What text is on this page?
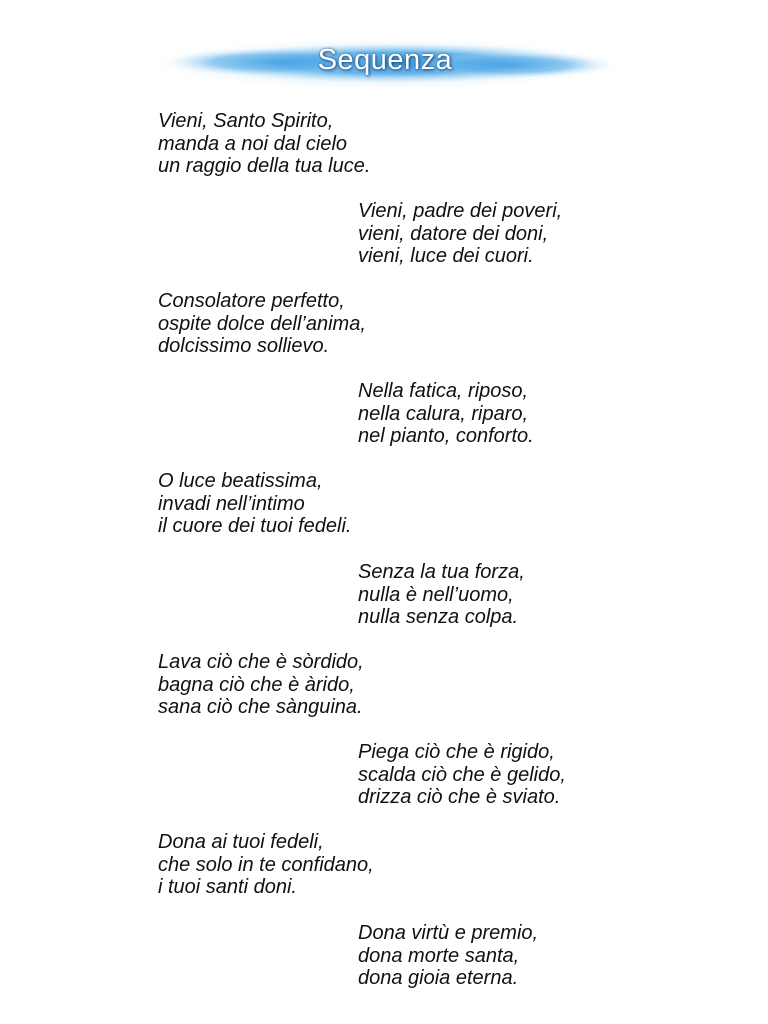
Sequenza

Vieni, Santo Spirito,
manda a noi dal cielo
un raggio della tua luce.

Vieni, padre dei poveri,
vieni, datore dei doni,
vieni, luce dei cuori.

Consolatore perfetto,
ospite dolce dell’anima,
dolcissimo sollievo.

Nella fatica, riposo,
nella calura, riparo,
nel pianto, conforto.

O luce beatissima,
invadi nell’intimo
il cuore dei tuoi fedeli.

Senza la tua forza,
nulla è nell’uomo,
nulla senza colpa.

Lava ciò che è sòrdido,
bagna ciò che è àrido,
sana ciò che sànguina.

Piega ciò che è rigido,
scalda ciò che è gelido,
drizza ciò che è sviato.

Dona ai tuoi fedeli,
che solo in te confidano,
i tuoi santi doni.

Dona virtù e premio,
dona morte santa,
dona gioia eterna.
